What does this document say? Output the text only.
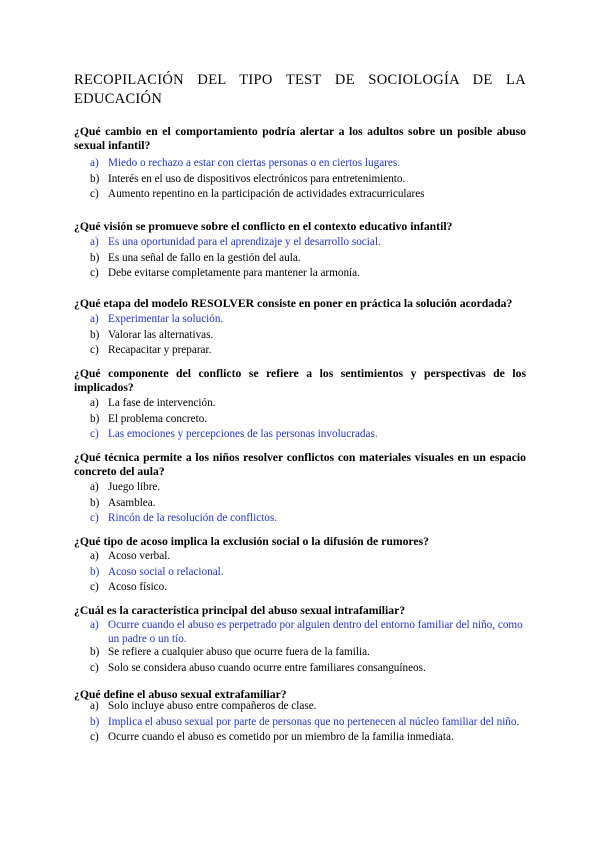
RECOPILACIÓN DEL TIPO TEST DE SOCIOLOGÍA DE LA EDUCACIÓN
¿Qué cambio en el comportamiento podría alertar a los adultos sobre un posible abuso sexual infantil?
a) Miedo o rechazo a estar con ciertas personas o en ciertos lugares.
b) Interés en el uso de dispositivos electrónicos para entretenimiento.
c) Aumento repentino en la participación de actividades extracurriculares
¿Qué visión se promueve sobre el conflicto en el contexto educativo infantil?
a) Es una oportunidad para el aprendizaje y el desarrollo social.
b) Es una señal de fallo en la gestión del aula.
c) Debe evitarse completamente para mantener la armonía.
¿Qué etapa del modelo RESOLVER consiste en poner en práctica la solución acordada?
a) Experimentar la solución.
b) Valorar las alternativas.
c) Recapacitar y preparar.
¿Qué componente del conflicto se refiere a los sentimientos y perspectivas de los implicados?
a) La fase de intervención.
b) El problema concreto.
c) Las emociones y percepciones de las personas involucradas.
¿Qué técnica permite a los niños resolver conflictos con materiales visuales en un espacio concreto del aula?
a) Juego libre.
b) Asamblea.
c) Rincón de la resolución de conflictos.
¿Qué tipo de acoso implica la exclusión social o la difusión de rumores?
a) Acoso verbal.
b) Acoso social o relacional.
c) Acoso físico.
¿Cuál es la característica principal del abuso sexual intrafamiliar?
a) Ocurre cuando el abuso es perpetrado por alguien dentro del entorno familiar del niño, como un padre o un tío.
b) Se refiere a cualquier abuso que ocurre fuera de la familia.
c) Solo se considera abuso cuando ocurre entre familiares consanguíneos.
¿Qué define el abuso sexual extrafamiliar?
a) Solo incluye abuso entre compañeros de clase.
b) Implica el abuso sexual por parte de personas que no pertenecen al núcleo familiar del niño.
c) Ocurre cuando el abuso es cometido por un miembro de la familia inmediata.
